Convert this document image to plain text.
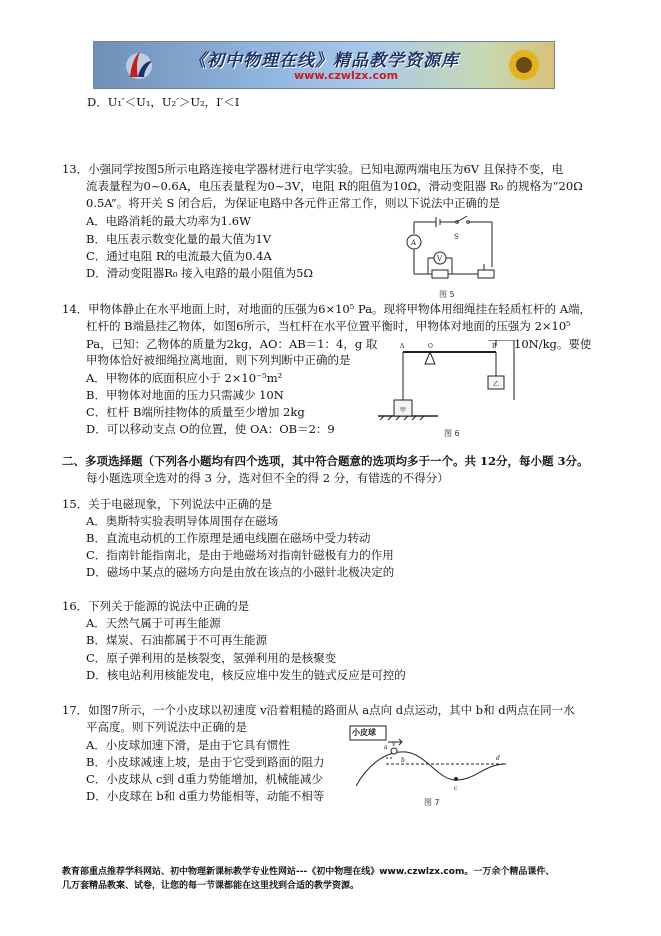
《初中物理在线》精品教学资源库
www.czwlzx.com
D．U₁′＜U₁，U₂′＞U₂，I′＜I
13．小强同学按图5所示电路连接电学器材进行电学实验。已知电源两端电压为6V 且保持不变，电
流表量程为0~0.6A，电压表量程为0~3V，电阻 R的阻值为10Ω，滑动变阻器 R₀ 的规格为“20Ω
0.5A”。将开关 S 闭合后，为保证电路中各元件正常工作，则以下说法中正确的是
A．电路消耗的最大功率为1.6W
B．电压表示数变化量的最大值为1V
C．通过电阻 R的电流最大值为0.4A
D．滑动变阻器R₀ 接入电路的最小阻值为5Ω
A
V
S
图 5
14．甲物体静止在水平地面上时，对地面的压强为6×10⁵ Pa。现将甲物体用细绳挂在轻质杠杆的 A端，
杠杆的 B端悬挂乙物体，如图6所示，当杠杆在水平位置平衡时，甲物体对地面的压强为 2×10⁵
Pa，已知：乙物体的质量为2kg，AO：AB＝1：4，g 取	10N/kg。要使
甲物体恰好被细绳拉离地面，则下列判断中正确的是
A．甲物体的底面积应小于 2×10⁻⁵m²
B．甲物体对地面的压力只需减少 10N
C．杠杆 B端所挂物体的质量至少增加 2kg
D．可以移动支点 O的位置，使 OA：OB＝2：9
A	O	B
甲
乙
图 6
二、多项选择题（下列各小题均有四个选项，其中符合题意的选项均多于一个。共 12分，每小题 3分。
每小题选项全选对的得 3 分，选对但不全的得 2 分，有错选的不得分）
15．关于电磁现象，下列说法中正确的是
A．奥斯特实验表明导体周围存在磁场
B．直流电动机的工作原理是通电线圈在磁场中受力转动
C．指南针能指南北，是由于地磁场对指南针磁极有力的作用
D．磁场中某点的磁场方向是由放在该点的小磁针北极决定的
16．下列关于能源的说法中正确的是
A．天然气属于可再生能源
B．煤炭、石油都属于不可再生能源
C．原子弹利用的是核裂变，氢弹利用的是核聚变
D．核电站利用核能发电，核反应堆中发生的链式反应是可控的
17．如图7所示，一个小皮球以初速度 v沿着粗糙的路面从 a点向 d点运动，其中 b和 d两点在同一水
平高度。则下列说法中正确的是
A．小皮球加速下滑，是由于它具有惯性
B．小皮球减速上坡，是由于它受到路面的阻力
C．小皮球从 c到 d重力势能增加，机械能减少
D．小皮球在 b和 d重力势能相等，动能不相等
v
a
b
c
d
小皮球
图 7
教育部重点推荐学科网站、初中物理新课标教学专业性网站---《初中物理在线》www.czwlzx.com。一万余个精品课件、
几万套精品教案、试卷，让您的每一节课都能在这里找到合适的教学资源。
